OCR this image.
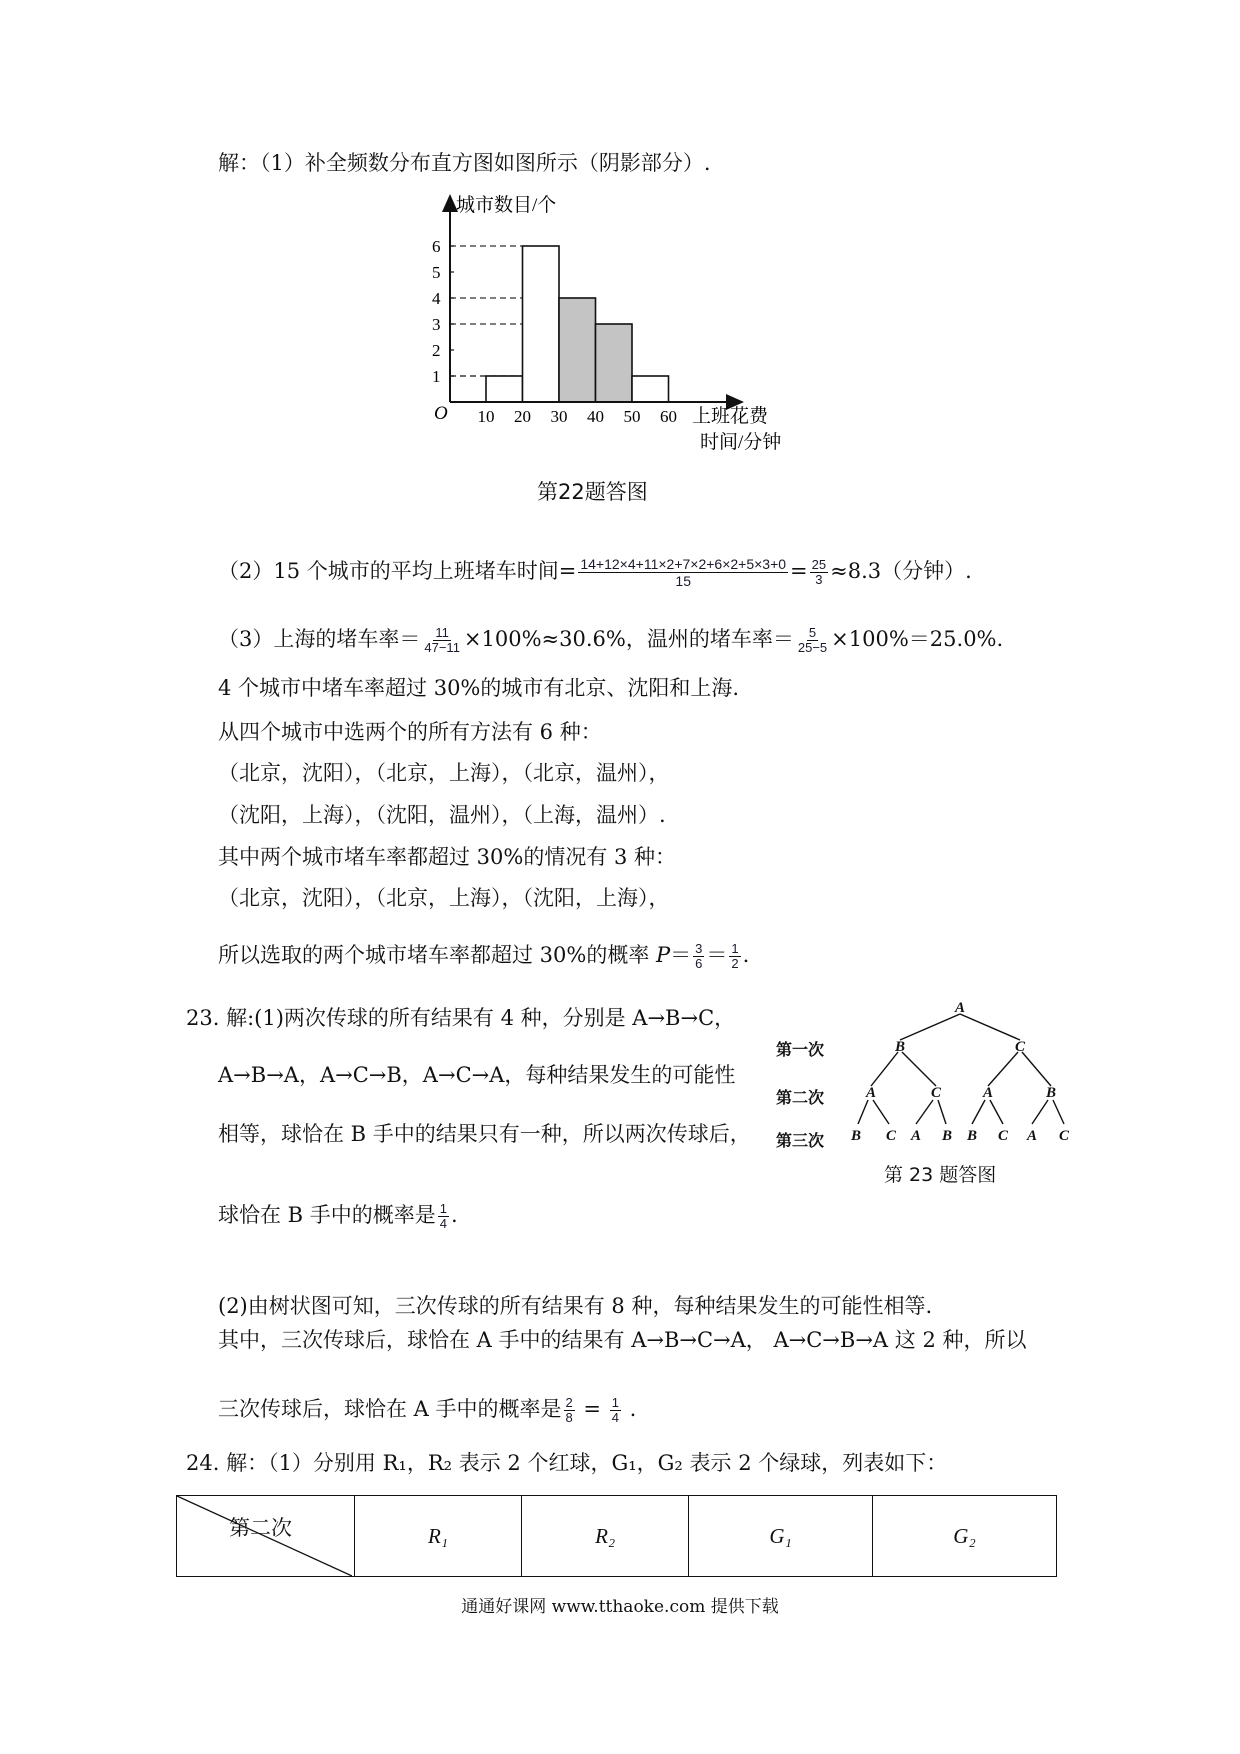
解：（1）补全频数分布直方图如图所示（阴影部分）.
城市数目/个
O	上班花费
时间/分钟
1
2
3
4
5
6
10 20 30 40 50 60
第22题答图
（2）15 个城市的平均上班堵车时间= $\frac{14+12\times 4+11\times 2+7\times 2+6\times 2+5\times 3+0}{15} = \frac{25}{3} \approx 8.3$（分钟）.
（3）上海的堵车率＝ $\frac{11}{47-11} \times 100\%\approx 30.6\%$，温州的堵车率＝ $\frac{5}{25-5} \times 100\%=25.0\%$.
4 个城市中堵车率超过 30%的城市有北京、沈阳和上海.
从四个城市中选两个的所有方法有 6 种：
（北京，沈阳），（北京，上海），（北京，温州），
（沈阳，上海），（沈阳，温州），（上海，温州）.
其中两个城市堵车率都超过 30%的情况有 3 种：
（北京，沈阳），（北京，上海），（沈阳，上海），
所以选取的两个城市堵车率都超过 30%的概率 $P= \frac{3}{6} = \frac{1}{2}$ .
23. 解:(1)两次传球的所有结果有 4 种，分别是 A→B→C，
A→B→A，A→C→B，A→C→A，每种结果发生的可能性
相等，球恰在 B 手中的结果只有一种，所以两次传球后，
球恰在 B 手中的概率是 $\frac{1}{4}$ .
A
B	C
A	C	A	B
B C A B B C A C
第一次
第二次
第三次
第 23 题答图
(2)由树状图可知，三次传球的所有结果有 8 种，每种结果发生的可能性相等.
其中，三次传球后，球恰在 A 手中的结果有 A→B→C→A， A→C→B→A 这 2 种，所以
三次传球后，球恰在 A 手中的概率是 $\frac{2}{8} = \frac{1}{4}$ .
24. 解：（1）分别用 R₁，R₂ 表示 2 个红球，G₁，G₂ 表示 2 个绿球，列表如下：
第二次	R₁	R₂	G₁	G₂
通通好课网 www.tthaoke.com 提供下载
